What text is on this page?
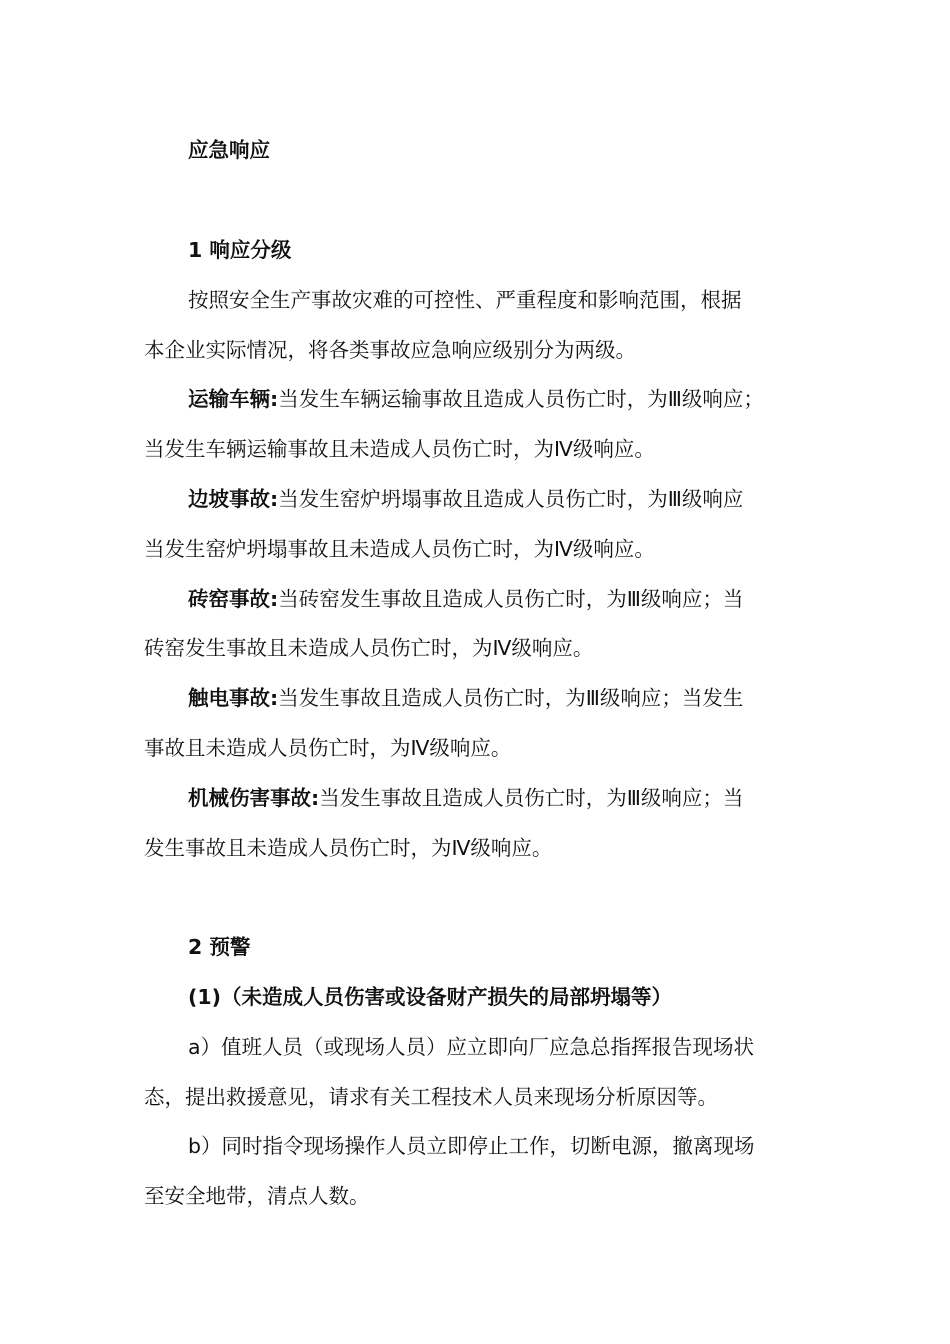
应急响应
1 响应分级
按照安全生产事故灾难的可控性、严重程度和影响范围，根据
本企业实际情况，将各类事故应急响应级别分为两级。
运输车辆:当发生车辆运输事故且造成人员伤亡时，为Ⅲ级响应；
当发生车辆运输事故且未造成人员伤亡时，为Ⅳ级响应。
边坡事故:当发生窑炉坍塌事故且造成人员伤亡时，为Ⅲ级响应
当发生窑炉坍塌事故且未造成人员伤亡时，为Ⅳ级响应。
砖窑事故:当砖窑发生事故且造成人员伤亡时，为Ⅲ级响应；当
砖窑发生事故且未造成人员伤亡时，为Ⅳ级响应。
触电事故:当发生事故且造成人员伤亡时，为Ⅲ级响应；当发生
事故且未造成人员伤亡时，为Ⅳ级响应。
机械伤害事故:当发生事故且造成人员伤亡时，为Ⅲ级响应；当
发生事故且未造成人员伤亡时，为Ⅳ级响应。
2 预警
(1)（未造成人员伤害或设备财产损失的局部坍塌等）
a）值班人员（或现场人员）应立即向厂应急总指挥报告现场状
态，提出救援意见，请求有关工程技术人员来现场分析原因等。
b）同时指令现场操作人员立即停止工作，切断电源，撤离现场
至安全地带，清点人数。
